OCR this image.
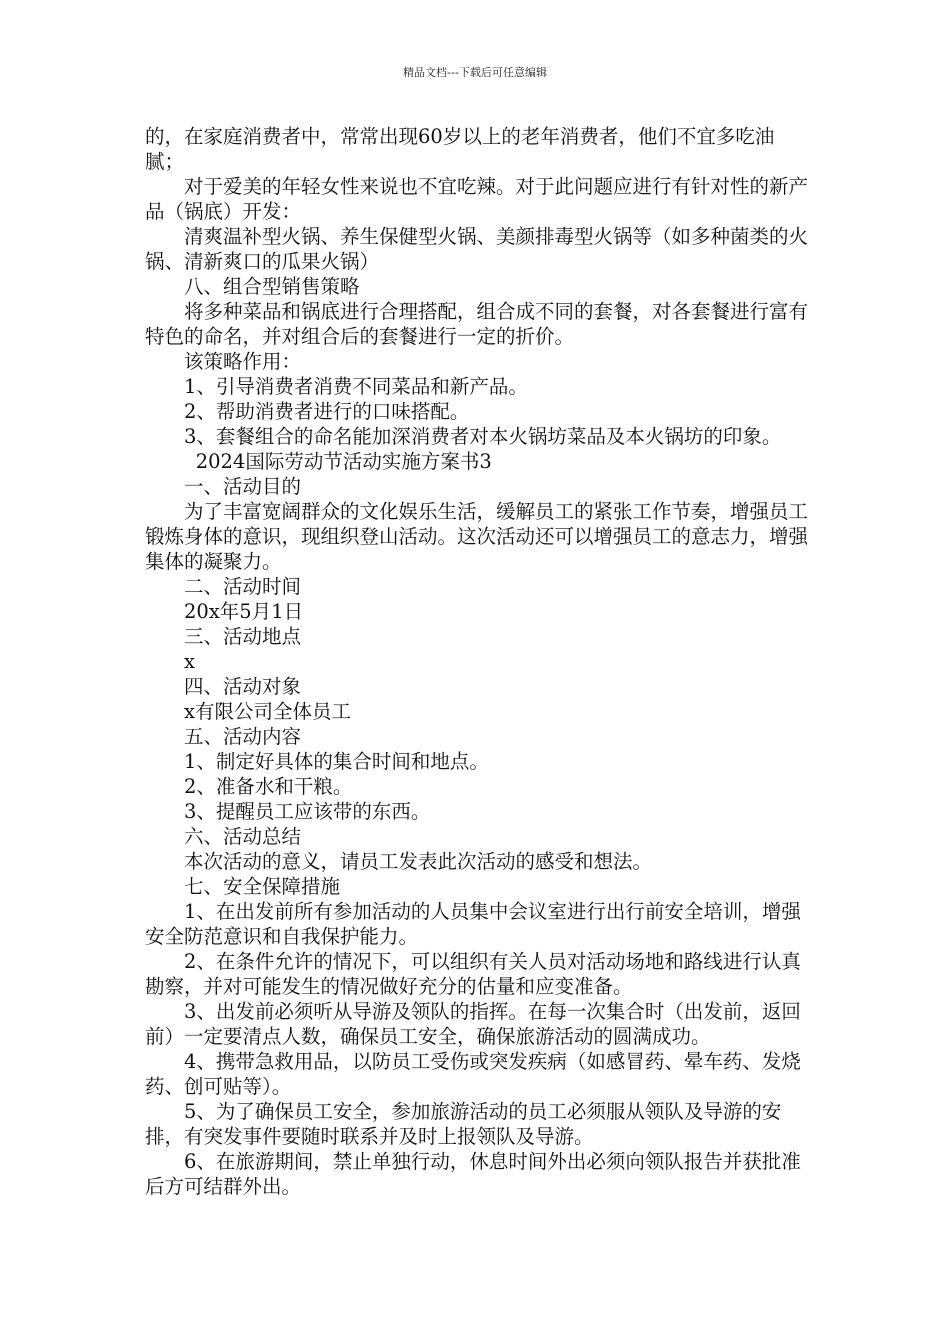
精品文档---下载后可任意编辑

的，在家庭消费者中，常常出现60岁以上的老年消费者，他们不宜多吃油腻；

对于爱美的年轻女性来说也不宜吃辣。对于此问题应进行有针对性的新产品（锅底）开发：

清爽温补型火锅、养生保健型火锅、美颜排毒型火锅等（如多种菌类的火锅、清新爽口的瓜果火锅）

八、组合型销售策略

将多种菜品和锅底进行合理搭配，组合成不同的套餐，对各套餐进行富有特色的命名，并对组合后的套餐进行一定的折价。

该策略作用：

1、引导消费者消费不同菜品和新产品。

2、帮助消费者进行的口味搭配。

3、套餐组合的命名能加深消费者对本火锅坊菜品及本火锅坊的印象。2024国际劳动节活动实施方案书3

一、活动目的

为了丰富宽阔群众的文化娱乐生活，缓解员工的紧张工作节奏，增强员工锻炼身体的意识，现组织登山活动。这次活动还可以增强员工的意志力，增强集体的凝聚力。

二、活动时间

20x年5月1日

三、活动地点

x

四、活动对象

x有限公司全体员工

五、活动内容

1、制定好具体的集合时间和地点。

2、准备水和干粮。

3、提醒员工应该带的东西。

六、活动总结

本次活动的意义，请员工发表此次活动的感受和想法。

七、安全保障措施

1、在出发前所有参加活动的人员集中会议室进行出行前安全培训，增强安全防范意识和自我保护能力。

2、在条件允许的情况下，可以组织有关人员对活动场地和路线进行认真勘察，并对可能发生的情况做好充分的估量和应变准备。

3、出发前必须听从导游及领队的指挥。在每一次集合时（出发前，返回前）一定要清点人数，确保员工安全，确保旅游活动的圆满成功。

4、携带急救用品，以防员工受伤或突发疾病（如感冒药、晕车药、发烧药、创可贴等）。

5、为了确保员工安全，参加旅游活动的员工必须服从领队及导游的安排，有突发事件要随时联系并及时上报领队及导游。

6、在旅游期间，禁止单独行动，休息时间外出必须向领队报告并获批准后方可结群外出。
